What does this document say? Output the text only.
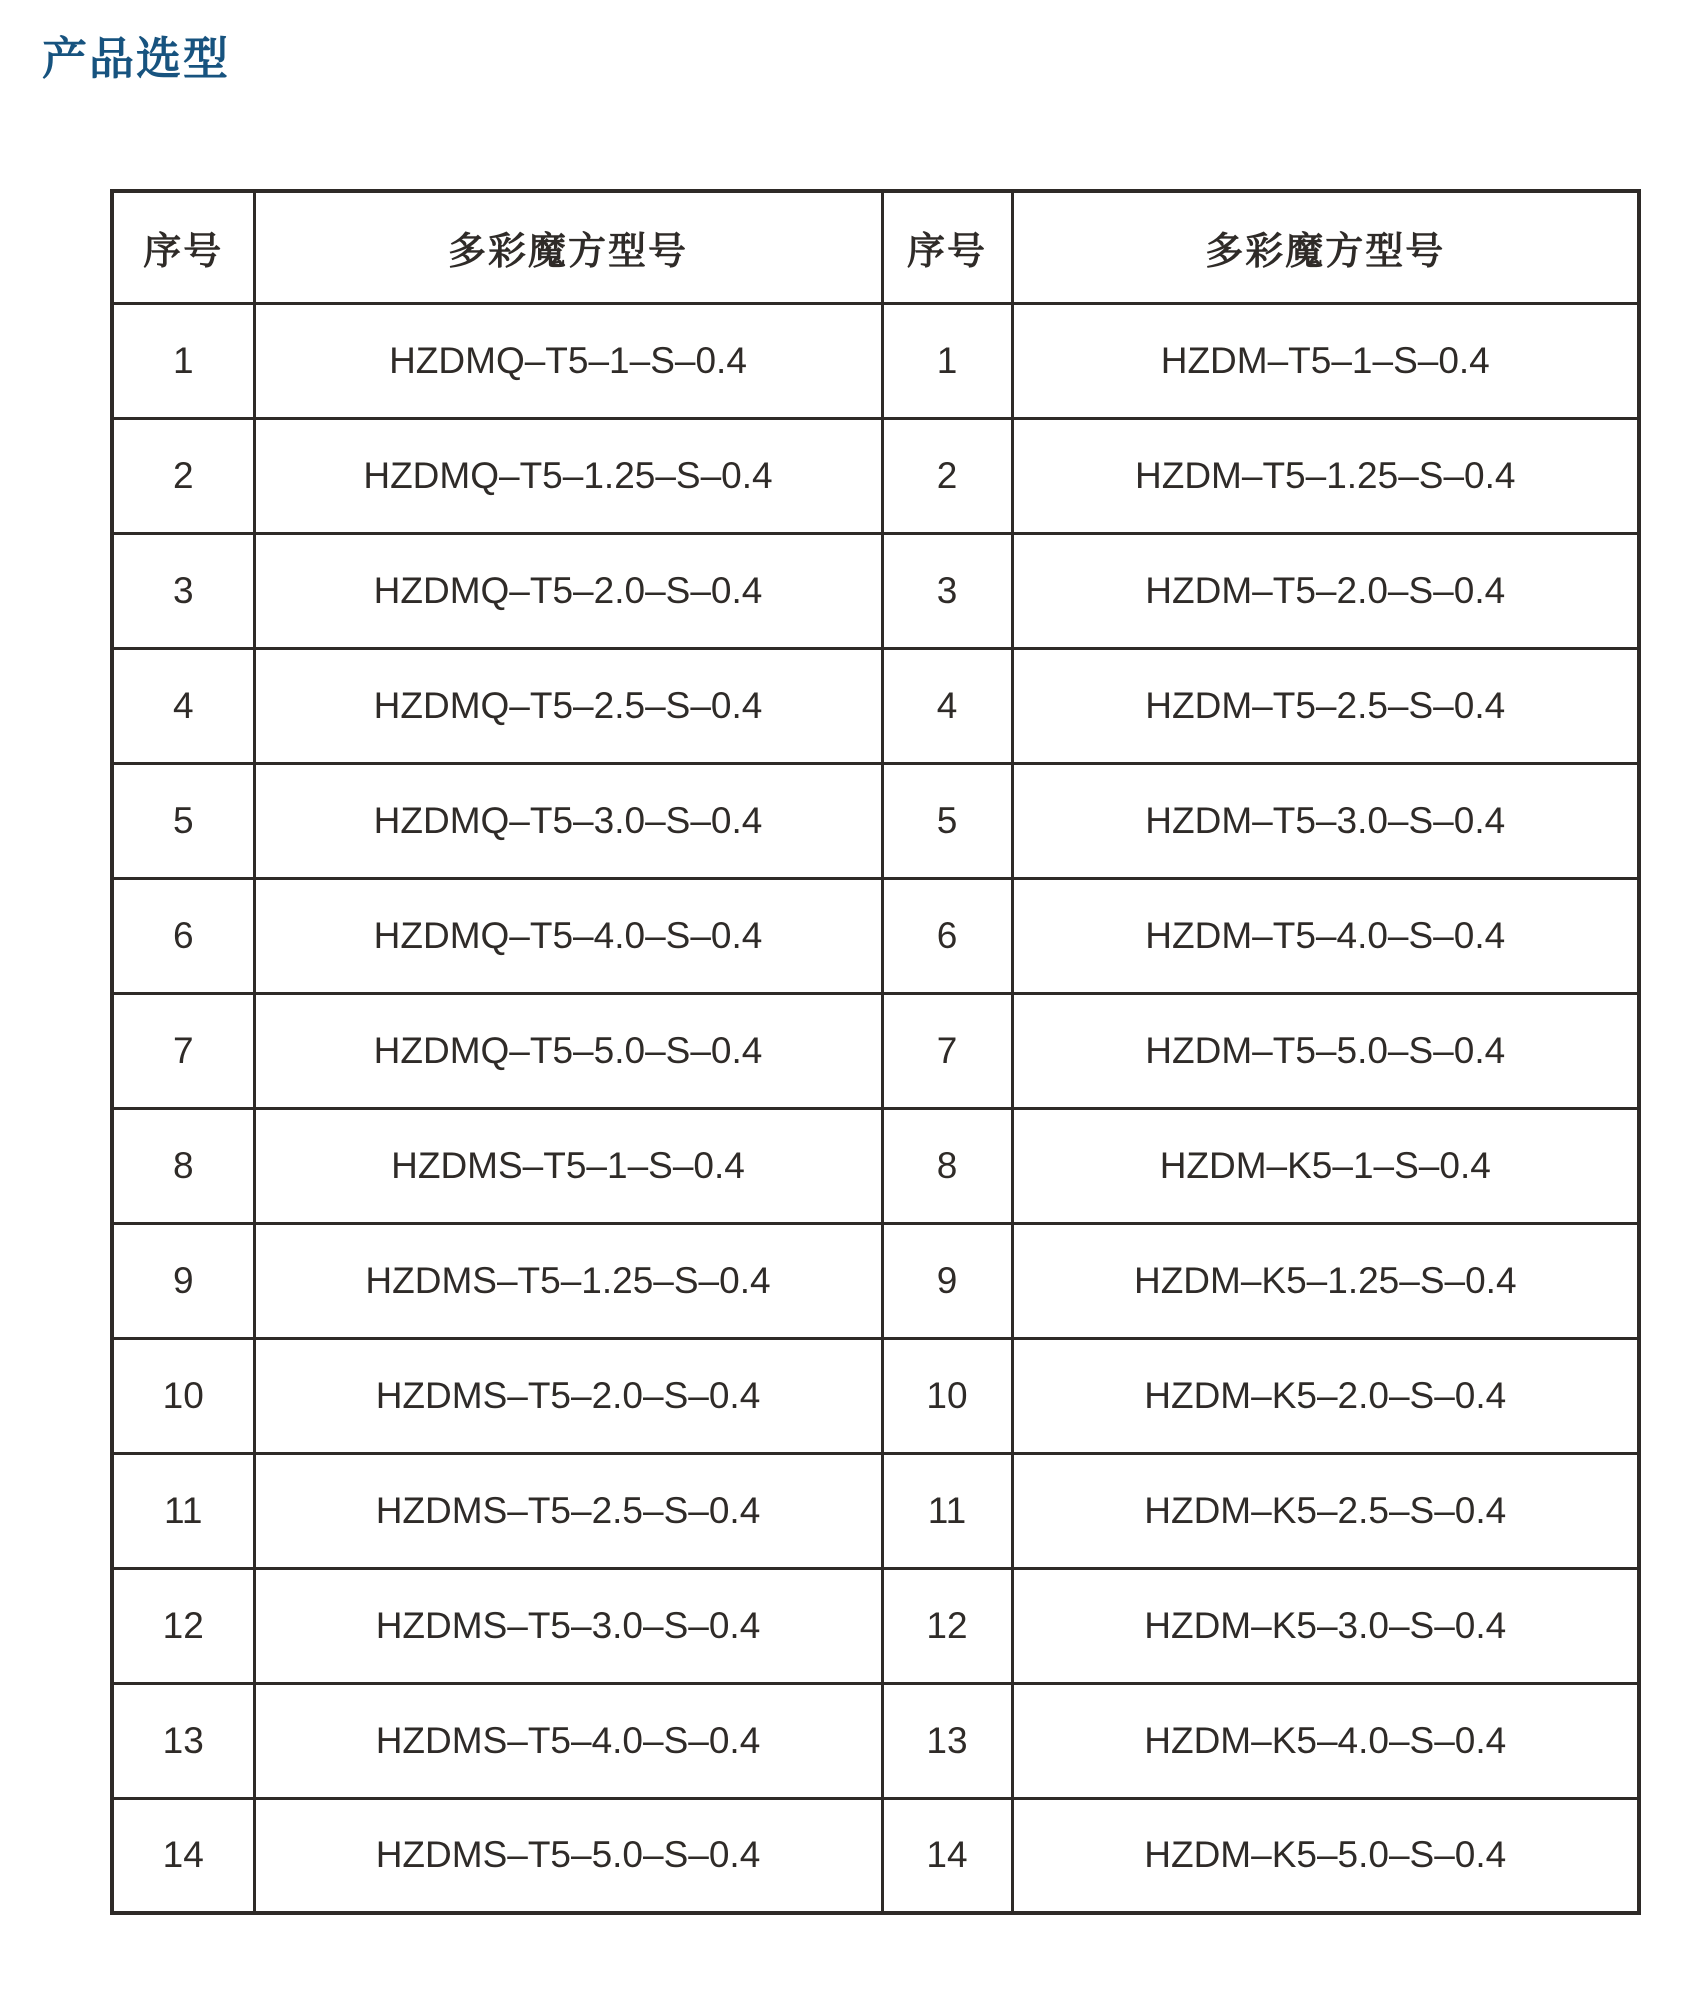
产品选型
序号	多彩魔方型号	序号	多彩魔方型号
1	HZDMQ–T5–1–S–0.4	1	HZDM–T5–1–S–0.4
2	HZDMQ–T5–1.25–S–0.4	2	HZDM–T5–1.25–S–0.4
3	HZDMQ–T5–2.0–S–0.4	3	HZDM–T5–2.0–S–0.4
4	HZDMQ–T5–2.5–S–0.4	4	HZDM–T5–2.5–S–0.4
5	HZDMQ–T5–3.0–S–0.4	5	HZDM–T5–3.0–S–0.4
6	HZDMQ–T5–4.0–S–0.4	6	HZDM–T5–4.0–S–0.4
7	HZDMQ–T5–5.0–S–0.4	7	HZDM–T5–5.0–S–0.4
8	HZDMS–T5–1–S–0.4	8	HZDM–K5–1–S–0.4
9	HZDMS–T5–1.25–S–0.4	9	HZDM–K5–1.25–S–0.4
10	HZDMS–T5–2.0–S–0.4	10	HZDM–K5–2.0–S–0.4
11	HZDMS–T5–2.5–S–0.4	11	HZDM–K5–2.5–S–0.4
12	HZDMS–T5–3.0–S–0.4	12	HZDM–K5–3.0–S–0.4
13	HZDMS–T5–4.0–S–0.4	13	HZDM–K5–4.0–S–0.4
14	HZDMS–T5–5.0–S–0.4	14	HZDM–K5–5.0–S–0.4
